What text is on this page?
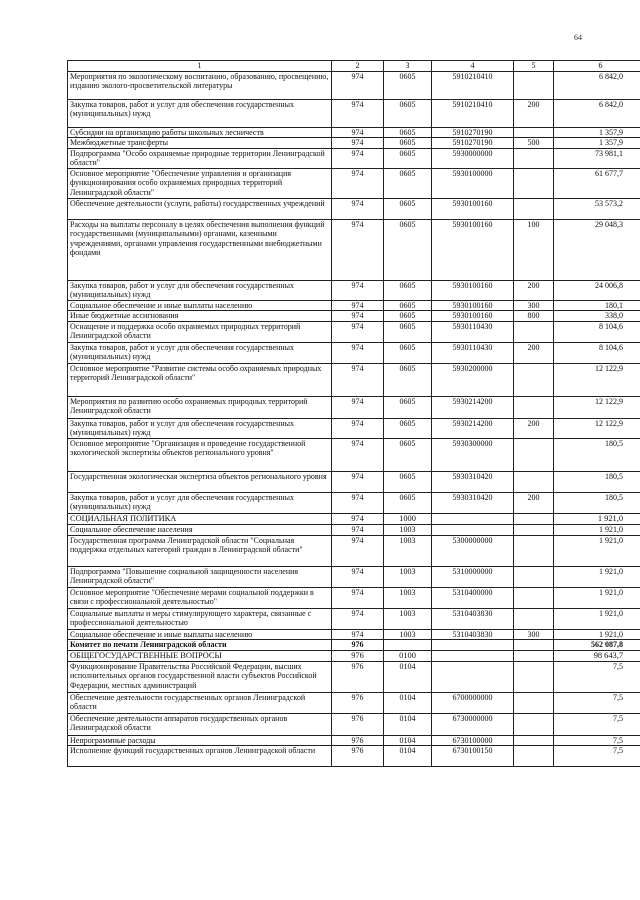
64
1	2	3	4	5	6
Мероприятия по экологическому воспитанию, образованию, просвещению, изданию эколого-просветительской литературы	974	0605	5910210410		6 842,0
Закупка товаров, работ и услуг для обеспечения государственных (муниципальных) нужд	974	0605	5910210410	200	6 842,0
Субсидии на организацию работы школьных лесничеств	974	0605	5910270190		1 357,9
Межбюджетные трансферты	974	0605	5910270190	500	1 357,9
Подпрограмма "Особо охраняемые природные территории Ленинградской области"	974	0605	5930000000		73 981,1
Основное мероприятие "Обеспечение управления и организация функционирования особо охраняемых природных территорий Ленинградской области"	974	0605	5930100000		61 677,7
Обеспечение деятельности (услуги, работы) государственных учреждений	974	0605	5930100160		53 573,2
Расходы на выплаты персоналу в целях обеспечения выполнения функций государственными (муниципальными) органами, казенными учреждениями, органами управления государственными внебюджетными фондами	974	0605	5930100160	100	29 048,3
Закупка товаров, работ и услуг для обеспечения государственных (муниципальных) нужд	974	0605	5930100160	200	24 006,8
Социальное обеспечение и иные выплаты населению	974	0605	5930100160	300	180,1
Иные бюджетные ассигнования	974	0605	5930100160	800	338,0
Оснащение и поддержка особо охраняемых природных территорий Ленинградской области	974	0605	5930110430		8 104,6
Закупка товаров, работ и услуг для обеспечения государственных (муниципальных) нужд	974	0605	5930110430	200	8 104,6
Основное мероприятие "Развитие системы особо охраняемых природных территорий Ленинградской области"	974	0605	5930200000		12 122,9
Мероприятия по развитию особо охраняемых природных территорий Ленинградской области	974	0605	5930214200		12 122,9
Закупка товаров, работ и услуг для обеспечения государственных (муниципальных) нужд	974	0605	5930214200	200	12 122,9
Основное мероприятие "Организация и проведение государственной экологической экспертизы объектов регионального уровня"	974	0605	5930300000		180,5
Государственная экологическая экспертиза объектов регионального уровня	974	0605	5930310420		180,5
Закупка товаров, работ и услуг для обеспечения государственных (муниципальных) нужд	974	0605	5930310420	200	180,5
СОЦИАЛЬНАЯ ПОЛИТИКА	974	1000			1 921,0
Социальное обеспечение населения	974	1003			1 921,0
Государственная программа Ленинградской области "Социальная поддержка отдельных категорий граждан в Ленинградской области"	974	1003	5300000000		1 921,0
Подпрограмма "Повышение социальной защищенности населения Ленинградской области"	974	1003	5310000000		1 921,0
Основное мероприятие "Обеспечение мерами социальной поддержки в связи с профессиональной деятельностью"	974	1003	5310400000		1 921,0
Социальные выплаты и меры стимулирующего характера, связанные с профессиональной деятельностью	974	1003	5310403830		1 921,0
Социальное обеспечение и иные выплаты населению	974	1003	5310403830	300	1 921,0
Комитет по печати Ленинградской области	976				562 087,8
ОБЩЕГОСУДАРСТВЕННЫЕ ВОПРОСЫ	976	0100			98 643,7
Функционирование Правительства Российской Федерации, высших исполнительных органов государственной власти субъектов Российской Федерации, местных администраций	976	0104			7,5
Обеспечение деятельности государственных органов Ленинградской области	976	0104	6700000000		7,5
Обеспечение деятельности аппаратов государственных органов Ленинградской области	976	0104	6730000000		7,5
Непрограммные расходы	976	0104	6730100000		7,5
Исполнение функций государственных органов Ленинградской области	976	0104	6730100150		7,5
